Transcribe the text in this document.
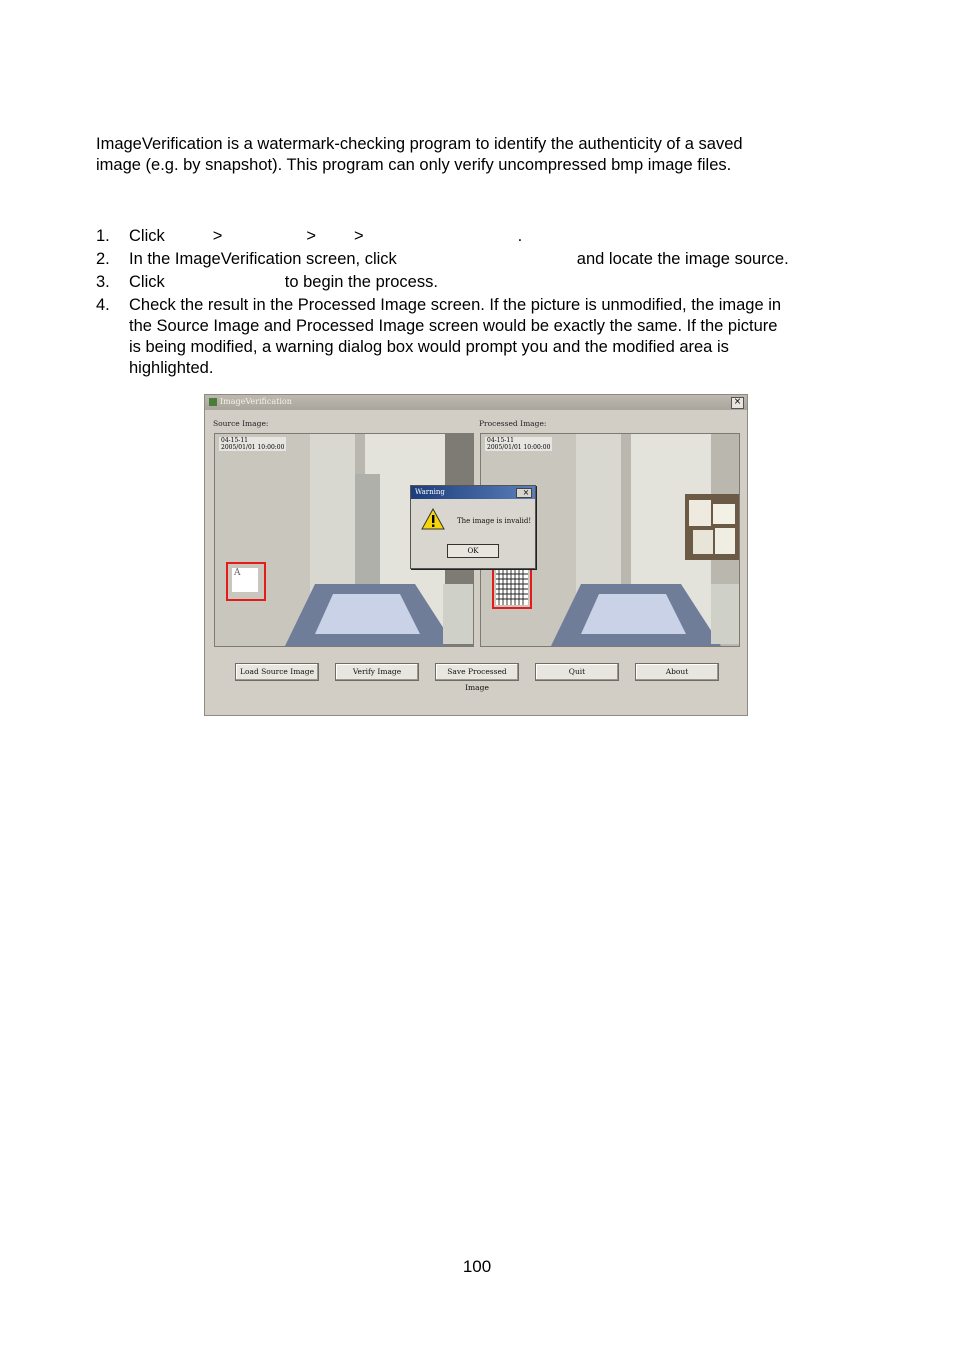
ImageVerification is a watermark-checking program to identify the authenticity of a saved

image (e.g. by snapshot). This program can only verify uncompressed bmp image files.

1. Click	>	> >	.
2. In the ImageVerification screen, click	and locate the image source.
3. Click	to begin the process.
4. Check the result in the Processed Image screen. If the picture is unmodified, the image in
the Source Image and Processed Image screen would be exactly the same. If the picture
is being modified, a warning dialog box would prompt you and the modified area is
highlighted.
ImageVerification	×
Source Image:	Processed Image:
04-15-11
2005/01/01 10:00:00
A
04-15-11
2005/01/01 10:00:00
Warning	×
The image is invalid!
OK
Load Source Image	Verify Image	Save Processed Image
Quit	About
100
